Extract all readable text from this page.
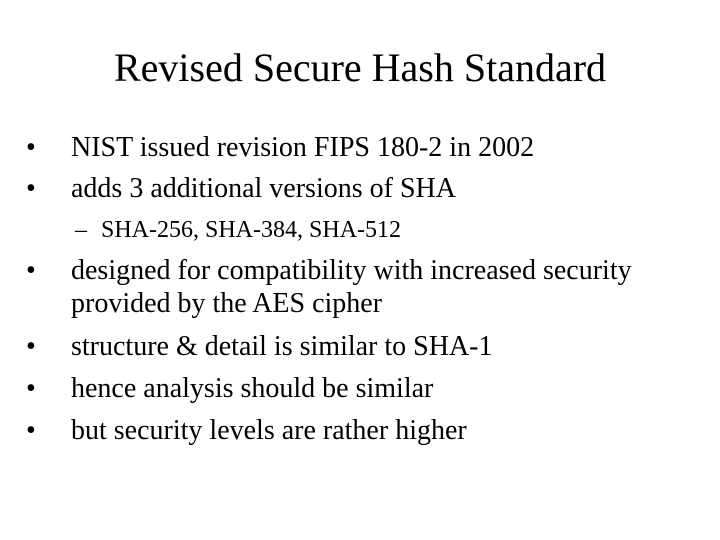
Revised Secure Hash Standard
• NIST issued revision FIPS 180-2 in 2002
• adds 3 additional versions of SHA
– SHA-256, SHA-384, SHA-512
• designed for compatibility with increased security provided by the AES cipher
• structure & detail is similar to SHA-1
• hence analysis should be similar
• but security levels are rather higher
